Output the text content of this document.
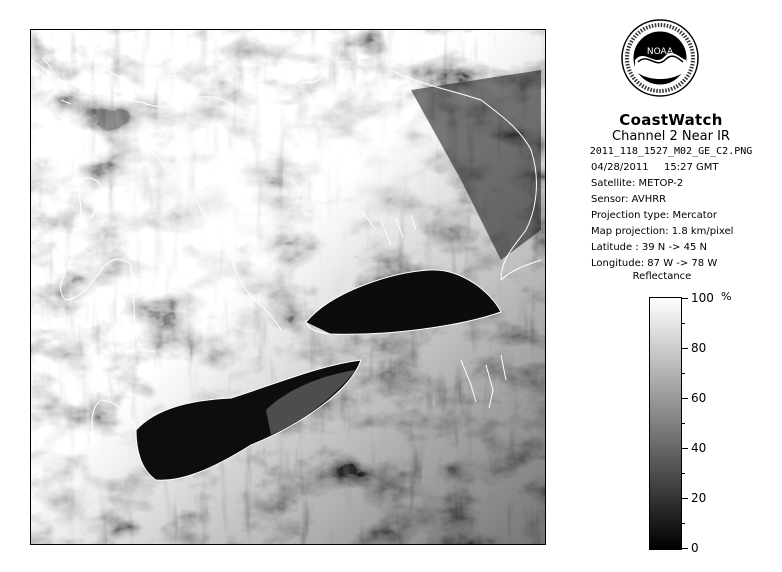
NOAA
CoastWatch
Channel 2 Near IR
2011_118_1527_M02_GE_C2.PNG
04/28/2011 15:27 GMT
Satellite: METOP-2
Sensor: AVHRR
Projection type: Mercator
Map projection: 1.8 km/pixel
Latitude : 39 N -> 45 N
Longitude: 87 W -> 78 W
Reflectance
%
100
80
60
40
20
0
